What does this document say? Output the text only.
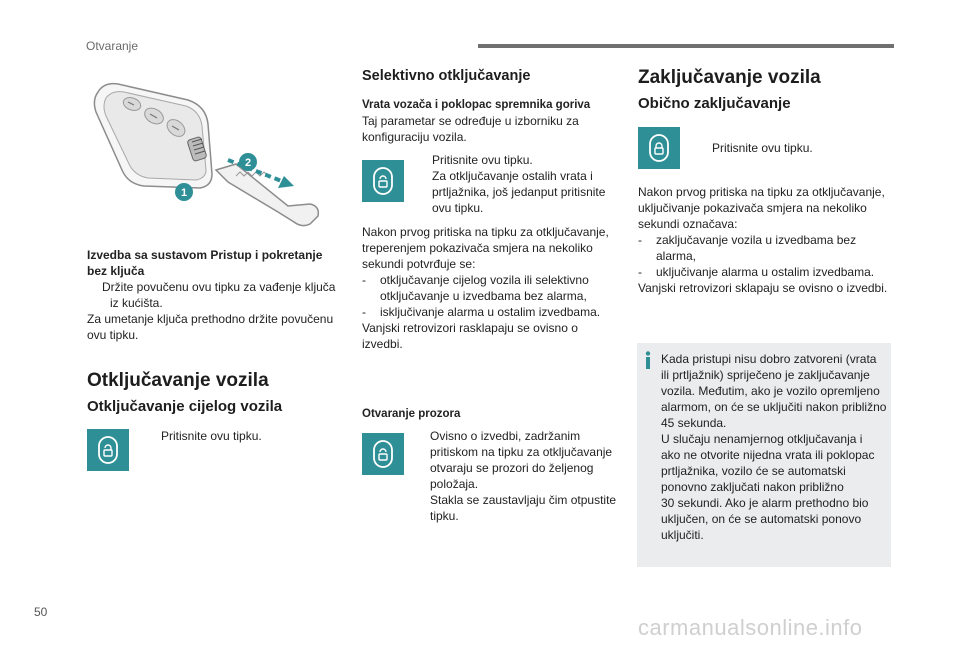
Otvaranje
1
2

Izvedba sa sustavom Pristup i pokretanje

bez ključa

Držite povučenu ovu tipku za vađenje ključa

iz kućišta.

Za umetanje ključa prethodno držite povučenu

ovu tipku.

Otključavanje vozila
Otključavanje cijelog vozila

Pritisnite ovu tipku.

Selektivno otključavanje

Vrata vozača i poklopac spremnika goriva

Taj parametar se određuje u izborniku za

konfiguraciju vozila.

Pritisnite ovu tipku.

Za otključavanje ostalih vrata i

prtljažnika, još jedanput pritisnite

ovu tipku.

Nakon prvog pritiska na tipku za otključavanje,

treperenjem pokazivača smjera na nekoliko

sekundi potvrđuje se:

- otključavanje cijelog vozila ili selektivno

otključavanje u izvedbama bez alarma,

- isključivanje alarma u ostalim izvedbama.

Vanjski retrovizori rasklapaju se ovisno o

izvedbi.

Otvaranje prozora

Ovisno o izvedbi, zadržanim

pritiskom na tipku za otključavanje

otvaraju se prozori do željenog

položaja.

Stakla se zaustavljaju čim otpustite

tipku.

Zaključavanje vozila
Obično zaključavanje

Pritisnite ovu tipku.

Nakon prvog pritiska na tipku za otključavanje,

uključivanje pokazivača smjera na nekoliko

sekundi označava:

- zaključavanje vozila u izvedbama bez

alarma,

- uključivanje alarma u ostalim izvedbama.

Vanjski retrovizori sklapaju se ovisno o izvedbi.

Kada pristupi nisu dobro zatvoreni (vrata

ili prtljažnik) spriječeno je zaključavanje

vozila. Međutim, ako je vozilo opremljeno

alarmom, on će se uključiti nakon približno

45 sekunda.

U slučaju nenamjernog otključavanja i

ako ne otvorite nijedna vrata ili poklopac

prtljažnika, vozilo će se automatski

ponovno zaključati nakon približno

30 sekundi. Ako je alarm prethodno bio

uključen, on će se automatski ponovo

uključiti.

50
carmanualsonline.info
